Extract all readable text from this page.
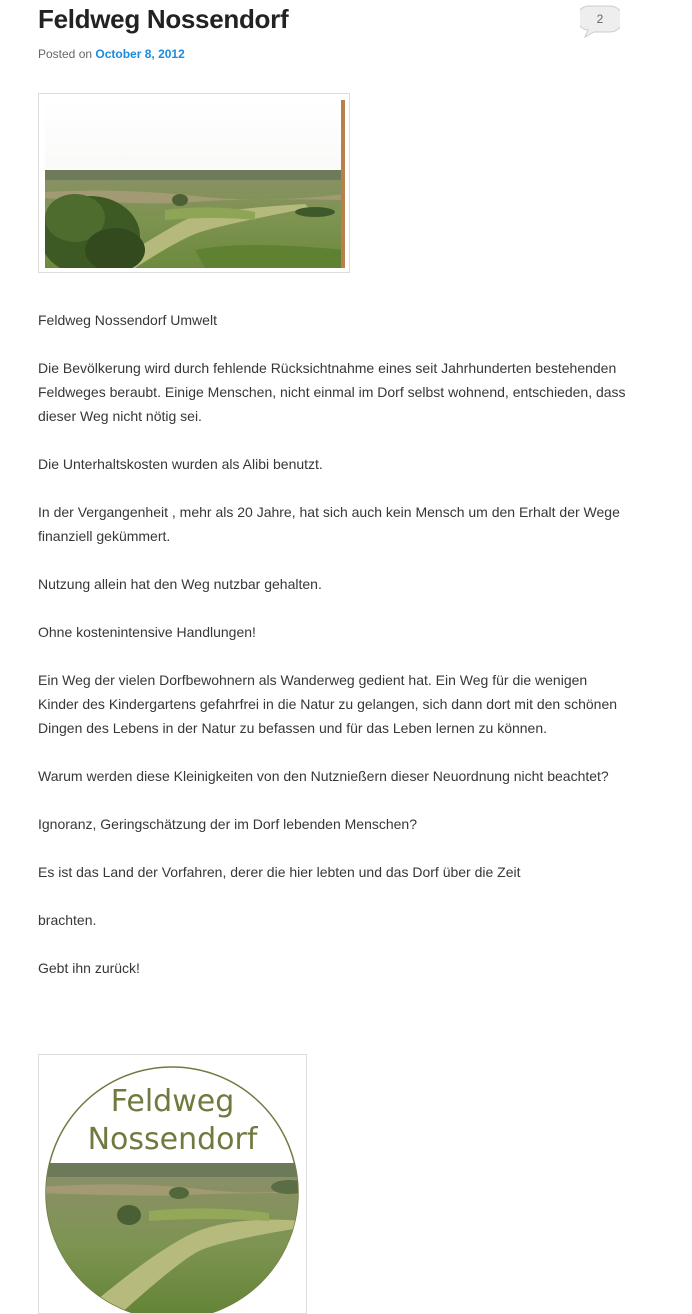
Feldweg Nossendorf	2
Posted on October 8, 2012

Feldweg Nossendorf Umwelt

Die Bevölkerung wird durch fehlende Rücksichtnahme eines seit Jahrhunderten bestehenden Feldweges beraubt. Einige Menschen, nicht einmal im Dorf selbst wohnend, entschieden, dass dieser Weg nicht nötig sei.

Die Unterhaltskosten wurden als Alibi benutzt.

In der Vergangenheit , mehr als 20 Jahre, hat sich auch kein Mensch um den Erhalt der Wege finanziell gekümmert.

Nutzung allein hat den Weg nutzbar gehalten.

Ohne kostenintensive Handlungen!

Ein Weg der vielen Dorfbewohnern als Wanderweg gedient hat. Ein Weg für die wenigen Kinder des Kindergartens gefahrfrei in die Natur zu gelangen, sich dann dort mit den schönen Dingen des Lebens in der Natur zu befassen und für das Leben lernen zu können.

Warum werden diese Kleinigkeiten von den Nutznießern dieser Neuordnung nicht beachtet?

Ignoranz, Geringschätzung der im Dorf lebenden Menschen?

Es ist das Land der Vorfahren, derer die hier lebten und das Dorf über die Zeit

brachten.

Gebt ihn zurück!

Feldweg
Nossendorf
